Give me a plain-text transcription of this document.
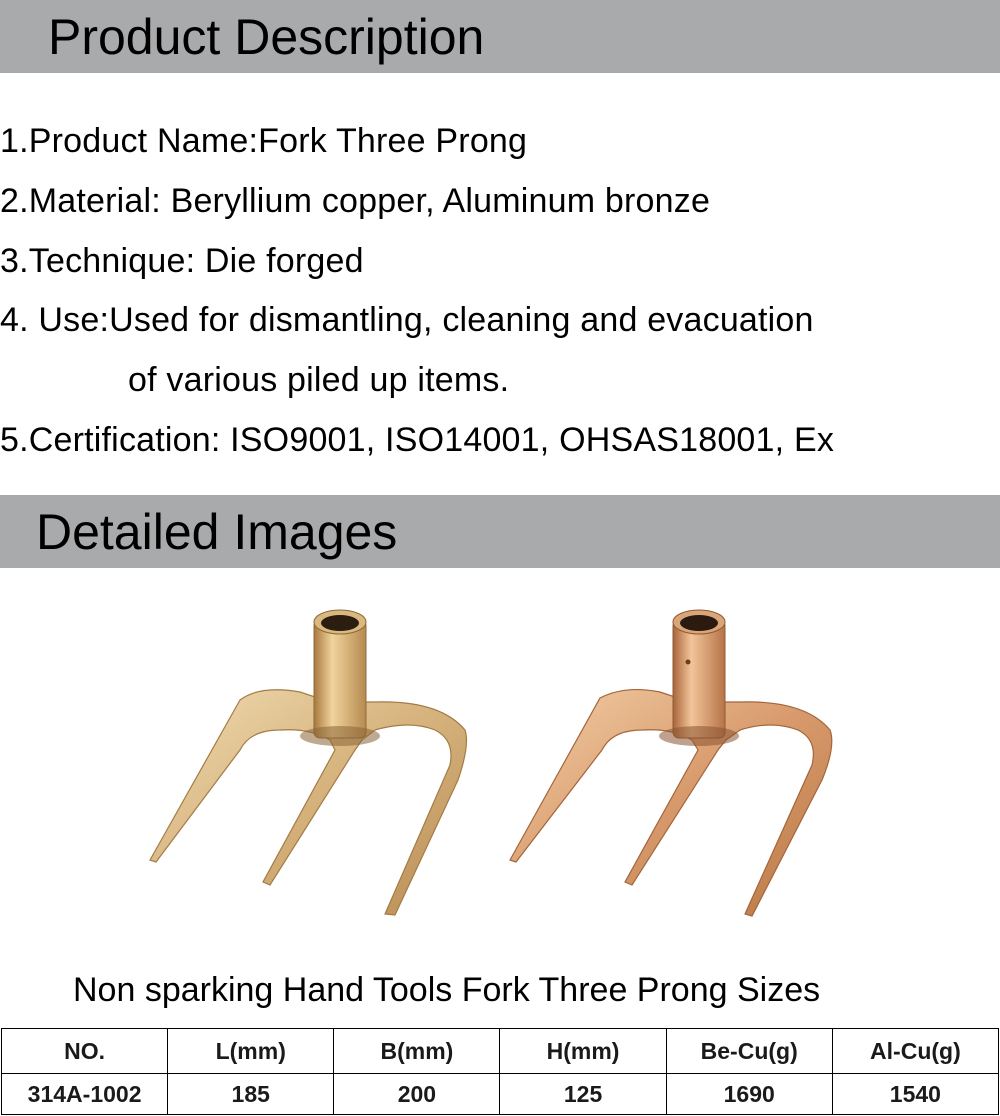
Product Description
1.Product Name:Fork Three Prong
2.Material: Beryllium copper, Aluminum bronze
3.Technique: Die forged
4. Use:Used for dismantling, cleaning and evacuation
of various piled up items.
5.Certification: ISO9001, ISO14001, OHSAS18001, Ex
Detailed Images
Non sparking Hand Tools Fork Three Prong Sizes
NO.	L(mm)	B(mm)	H(mm)	Be-Cu(g)	Al-Cu(g)
314A-1002	185	200	125	1690	1540
